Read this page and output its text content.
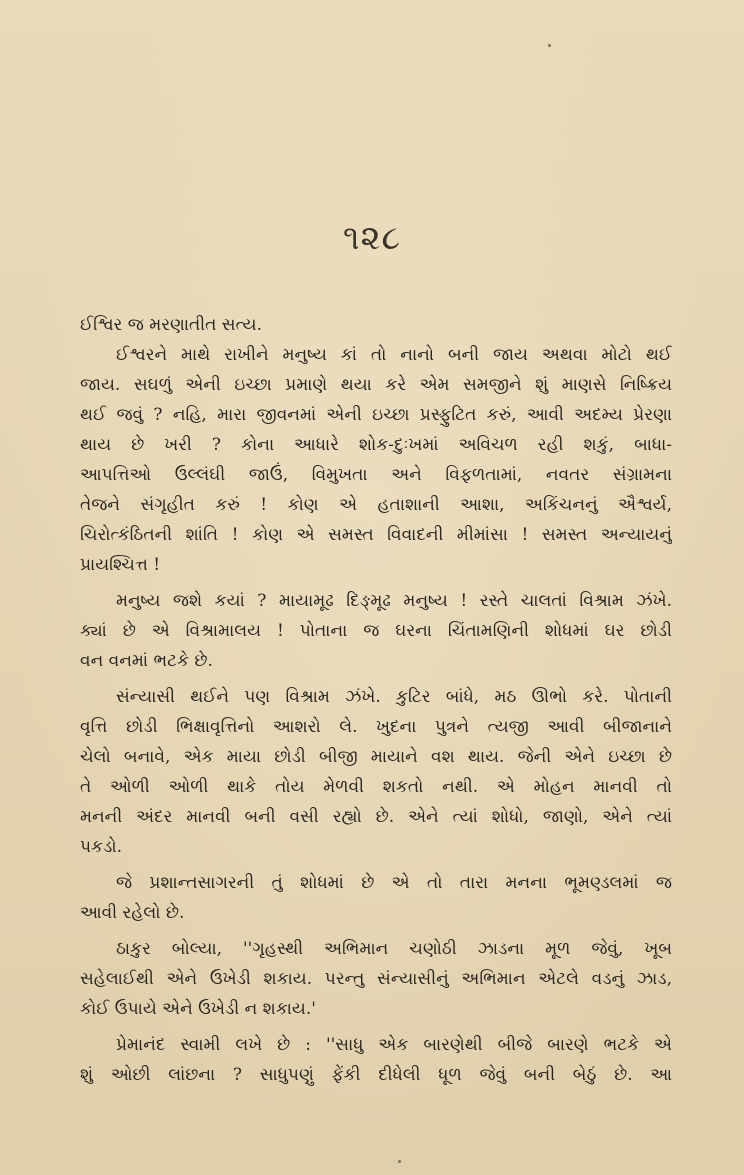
૧૨૮
ઈશ્વિર જ મરણાતીત સત્ય.
ઈશ્વરને માથે રાખીને મનુષ્ય કાં તો નાનો બની જાય અથવા મોટો થઈ
જાય. સઘળું એની ઇચ્છા પ્રમાણે થયા કરે એમ સમજીને શું માણસે નિષ્ક્રિય
થઈ જવું ? નહિ, મારા જીવનમાં એની ઇચ્છા પ્રસ્ફુટિત કરું, આવી અદમ્ય પ્રેરણા
થાય છે ખરી ? કોના આધારે શોક-દુઃખમાં અવિચળ રહી શકું, બાધા-
આપત્તિઓ ઉલ્લંઘી જાઉં, વિમુખતા અને વિફળતામાં, નવતર સંગ્રામના
તેજને સંગૃહીત કરું ! કોણ એ હતાશાની આશા, અકિંચનનું ઐશ્વર્ય,
ચિરોત્કંઠિતની શાંતિ ! કોણ એ સમસ્ત વિવાદની મીમાંસા ! સમસ્ત અન્યાયનું
પ્રાયશ્ચિત્ત !
મનુષ્ય જશે કયાં ? માયામૂઢ દિઙ્મૂઢ મનુષ્ય ! રસ્તે ચાલતાં વિશ્રામ ઝંખે.
ક્યાં છે એ વિશ્રામાલય ! પોતાના જ ઘરના ચિંતામણિની શોધમાં ઘર છોડી
વન વનમાં ભટકે છે.
સંન્યાસી થઈને પણ વિશ્રામ ઝંખે. કુટિર બાંધે, મઠ ઊભો કરે. પોતાની
વૃત્તિ છોડી ભિક્ષાવૃત્તિનો આશરો લે. ખુદના પુત્રને ત્યજી આવી બીજાનાને
ચેલો બનાવે, એક માયા છોડી બીજી માયાને વશ થાય. જેની એને ઇચ્છા છે
તે ઓળી ઓળી થાકે તોય મેળવી શકતો નથી. એ મોહન માનવી તો
મનની અંદર માનવી બની વસી રહ્યો છે. એને ત્યાં શોધો, જાણો, એને ત્યાં
પકડો.
જે પ્રશાન્તસાગરની તું શોધમાં છે એ તો તારા મનના ભૂમણ્ડલમાં જ
આવી રહેલો છે.
ઠાકુર બોલ્યા, ''ગૃહસ્થી અભિમાન ચણોઠી ઝાડના મૂળ જેવું, ખૂબ
સહેલાઈથી એને ઉખેડી શકાય. પરન્તુ સંન્યાસીનું અભિમાન એટલે વડનું ઝાડ,
કોઈ ઉપાયે એને ઉખેડી ન શકાય.'
પ્રેમાનંદ સ્વામી લખે છે : ''સાધુ એક બારણેથી બીજે બારણે ભટકે એ
શું ઓછી લાંછના ? સાધુપણું ફેંકી દીધેલી ધૂળ જેવું બની બેઠું છે. આ
